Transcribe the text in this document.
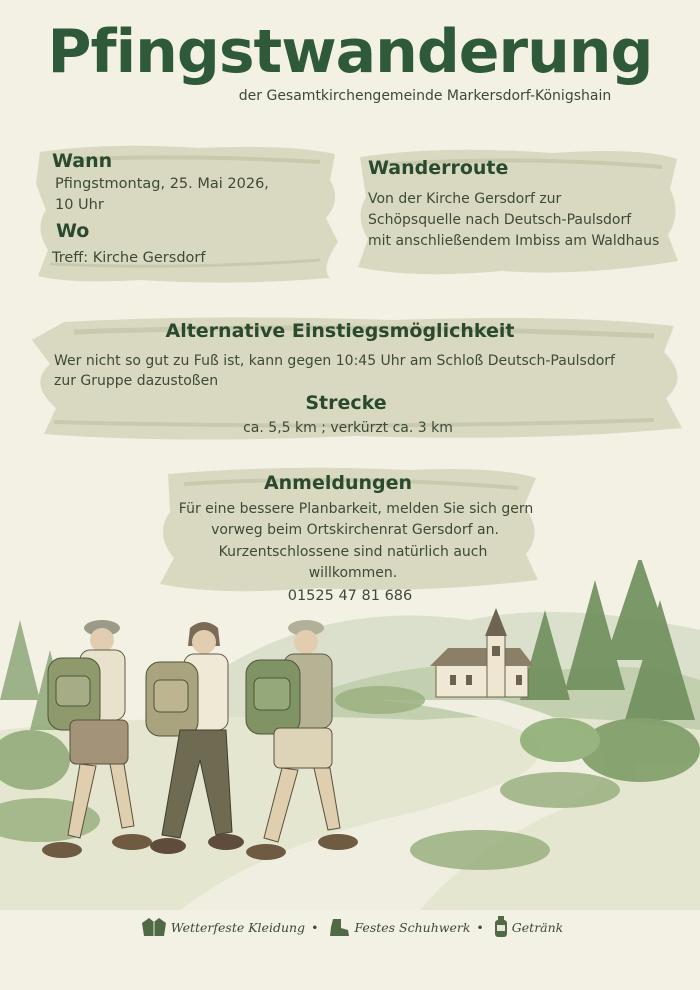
Pfingstwanderung
der Gesamtkirchengemeinde Markersdorf-Königshain
Wann
Pfingstmontag, 25. Mai 2026,
10 Uhr
Wo
Treff: Kirche Gersdorf
Wanderroute
Von der Kirche Gersdorf zur
Schöpsquelle nach Deutsch-Paulsdorf
mit anschließendem Imbiss am Waldhaus
Alternative Einstiegsmöglichkeit
Wer nicht so gut zu Fuß ist, kann gegen 10:45 Uhr am Schloß Deutsch-Paulsdorf
zur Gruppe dazustoßen
Strecke
ca. 5,5 km ; verkürzt ca. 3 km
Anmeldungen
Für eine bessere Planbarkeit, melden Sie sich gern
vorweg beim Ortskirchenrat Gersdorf an.
Kurzentschlossene sind natürlich auch
willkommen.
01525 47 81 686
Wetterfeste Kleidung •	Festes Schuhwerk • Getränk
